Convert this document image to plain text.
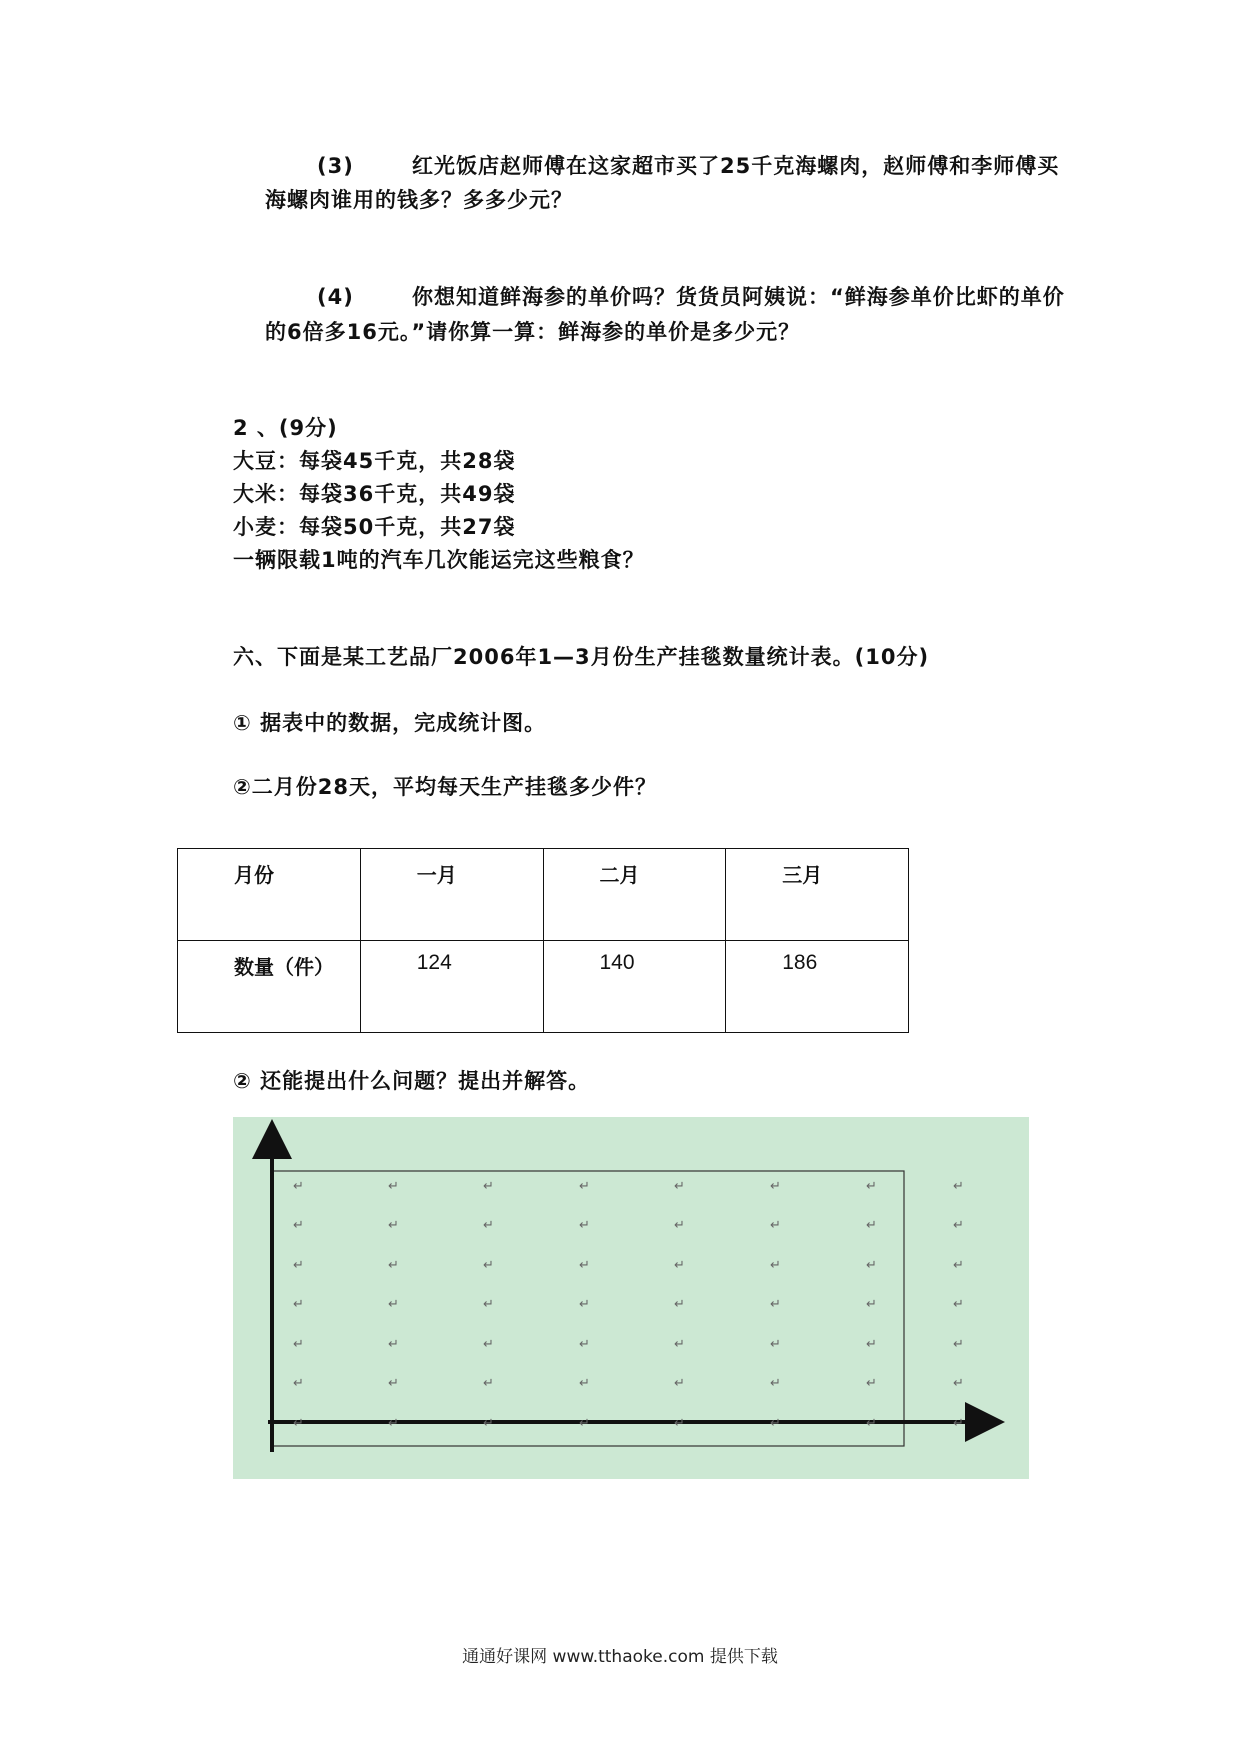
(3)	红光饭店赵师傅在这家超市买了25千克海螺肉，赵师傅和李师傅买
海螺肉谁用的钱多？多多少元？
(4)	你想知道鲜海参的单价吗？货货员阿姨说：“鲜海参单价比虾的单价
的6倍多16元。”请你算一算：鲜海参的单价是多少元？
2 、(9分)
大豆：每袋45千克，共28袋
大米：每袋36千克，共49袋
小麦：每袋50千克，共27袋
一辆限载1吨的汽车几次能运完这些粮食？
六、下面是某工艺品厂2006年1—3月份生产挂毯数量统计表。(10分)
① 据表中的数据，完成统计图。
②二月份28天，平均每天生产挂毯多少件？
月份	一月	二月	三月

数量（件）	124	140	186
② 还能提出什么问题？提出并解答。
↵	↵	↵	↵	↵	↵	↵	↵
↵	↵	↵	↵	↵	↵	↵	↵
↵	↵	↵	↵	↵	↵	↵	↵
↵	↵	↵	↵	↵	↵	↵	↵
↵	↵	↵	↵	↵	↵	↵	↵
↵	↵	↵	↵	↵	↵	↵	↵
↵	↵	↵	↵	↵	↵	↵	↵
通通好课网 www.tthaoke.com 提供下载
